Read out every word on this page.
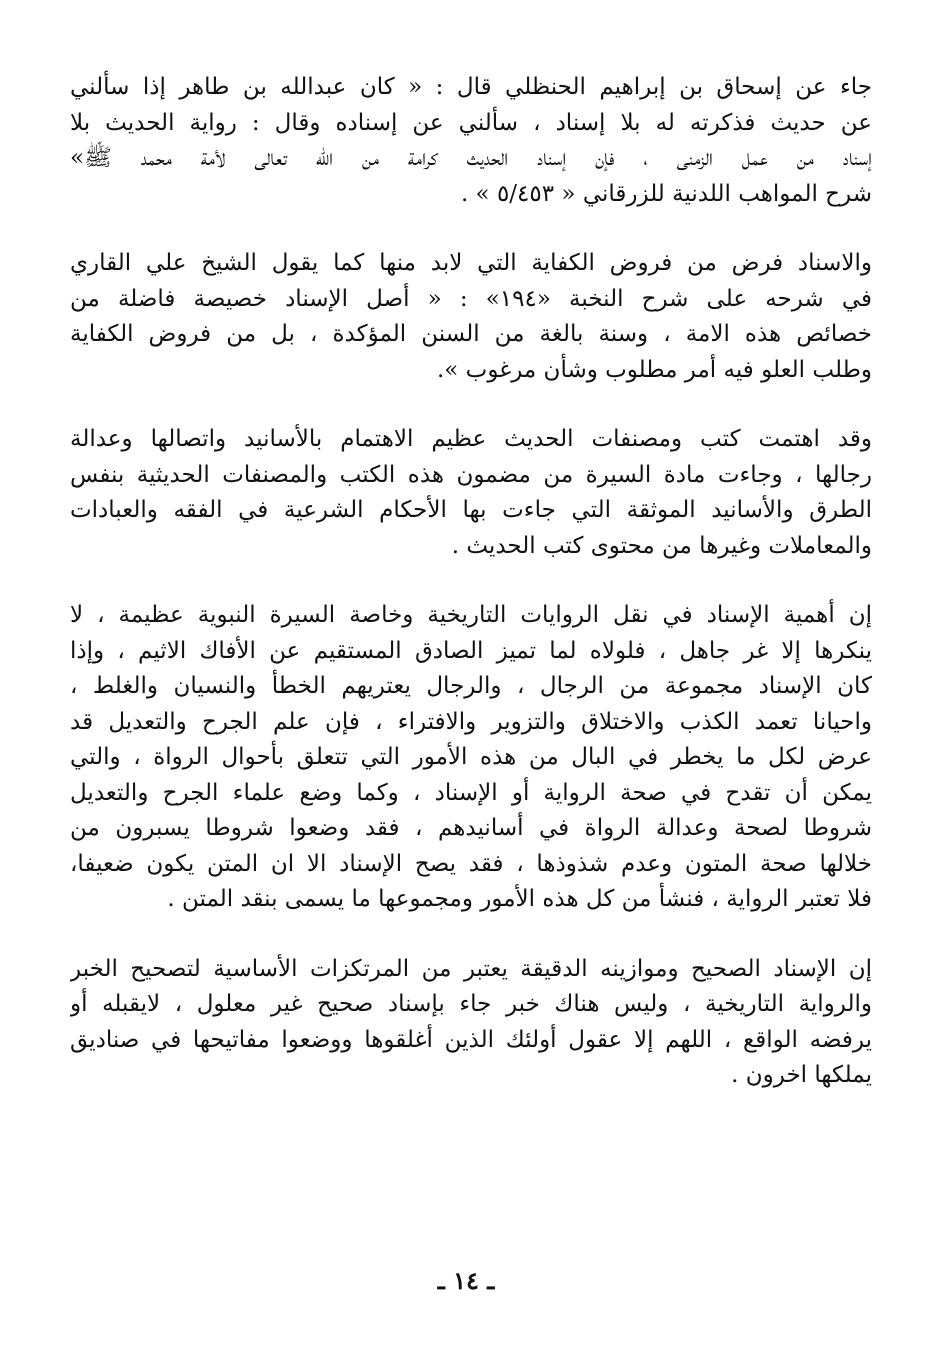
جاء عن إسحاق بن إبراهيم الحنظلي قال : « كان عبدالله بن طاهر إذا سألني
عن حديث فذكرته له بلا إسناد ، سألني عن إسناده وقال : رواية الحديث بلا
إسناد من عمل الزمنى ، فإن إسناد الحديث كرامة من الله تعالى لأمة محمد ﷺ»
شرح المواهب اللدنية للزرقاني « ٥/٤٥٣ » .
والاسناد فرض من فروض الكفاية التي لابد منها كما يقول الشيخ علي القاري
في شرحه على شرح النخبة «١٩٤» : « أصل الإسناد خصيصة فاضلة من
خصائص هذه الامة ، وسنة بالغة من السنن المؤكدة ، بل من فروض الكفاية
وطلب العلو فيه أمر مطلوب وشأن مرغوب ».
وقد اهتمت كتب ومصنفات الحديث عظيم الاهتمام بالأسانيد واتصالها وعدالة
رجالها ، وجاءت مادة السيرة من مضمون هذه الكتب والمصنفات الحديثية بنفس
الطرق والأسانيد الموثقة التي جاءت بها الأحكام الشرعية في الفقه والعبادات
والمعاملات وغيرها من محتوى كتب الحديث .
إن أهمية الإسناد في نقل الروايات التاريخية وخاصة السيرة النبوية عظيمة ، لا
ينكرها إلا غر جاهل ، فلولاه لما تميز الصادق المستقيم عن الأفاك الاثيم ، وإذا
كان الإسناد مجموعة من الرجال ، والرجال يعتريهم الخطأ والنسيان والغلط ،
واحيانا تعمد الكذب والاختلاق والتزوير والافتراء ، فإن علم الجرح والتعديل قد
عرض لكل ما يخطر في البال من هذه الأمور التي تتعلق بأحوال الرواة ، والتي
يمكن أن تقدح في صحة الرواية أو الإسناد ، وكما وضع علماء الجرح والتعديل
شروطا لصحة وعدالة الرواة في أسانيدهم ، فقد وضعوا شروطا يسبرون من
خلالها صحة المتون وعدم شذوذها ، فقد يصح الإسناد الا ان المتن يكون ضعيفا،
فلا تعتبر الرواية ، فنشأ من كل هذه الأمور ومجموعها ما يسمى بنقد المتن .
إن الإسناد الصحيح وموازينه الدقيقة يعتبر من المرتكزات الأساسية لتصحيح الخبر
والرواية التاريخية ، وليس هناك خبر جاء بإسناد صحيح غير معلول ، لايقبله أو
يرفضه الواقع ، اللهم إلا عقول أولئك الذين أغلقوها ووضعوا مفاتيحها في صناديق
يملكها اخرون .
ـ ١٤ ـ
